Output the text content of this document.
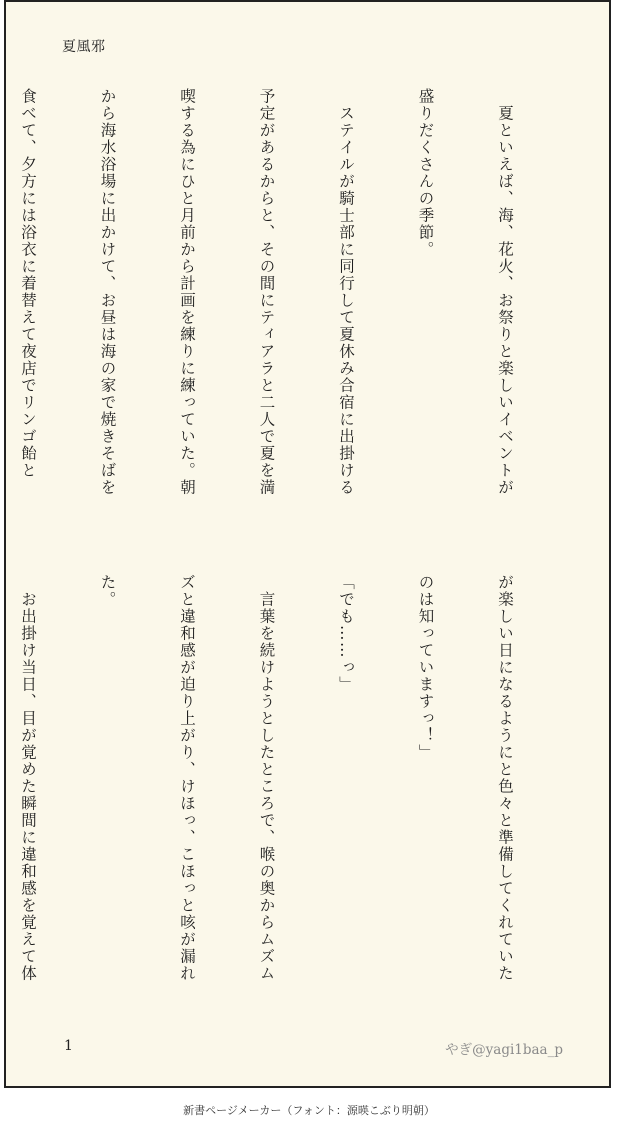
夏風邪

　夏といえば、海、花火、お祭りと楽しいイベントが

盛りだくさんの季節。

　ステイルが騎士部に同行して夏休み合宿に出掛ける

予定があるからと、その間にティアラと二人で夏を満

喫する為にひと月前から計画を練りに練っていた。朝

から海水浴場に出かけて、お昼は海の家で焼きそばを

食べて、夕方には浴衣に着替えて夜店でリンゴ飴と

が楽しい日になるようにと色々と準備してくれていた

のは知っていますっ！」

「でも……っ」

　言葉を続けようとしたところで、喉の奥からムズム

ズと違和感が迫り上がり、けほっ、こほっと咳が漏れ

た。

　お出掛け当日、目が覚めた瞬間に違和感を覚えて体

1	やぎ@yagi1baa_p
新書ページメーカー（フォント：源暎こぶり明朝）
